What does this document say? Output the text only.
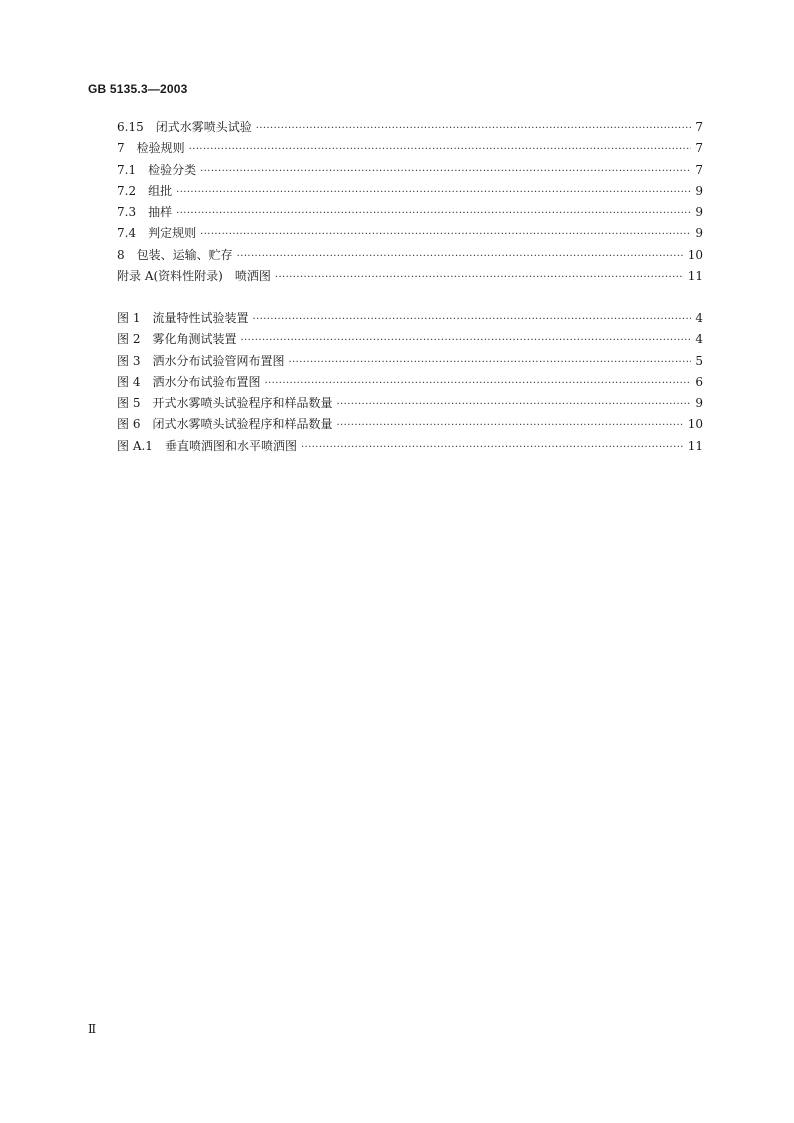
GB 5135.3—2003
6.15 闭式水雾喷头试验 ·····	7
7 检验规则 ·····	7
7.1 检验分类 ·····	7
7.2 组批 ·····	9
7.3 抽样 ·····	9
7.4 判定规则 ·····	9
8 包装、运输、贮存 ·····	10
附录 A(资料性附录) 喷洒图 ·····	11
图 1 流量特性试验装置 ·····	4
图 2 雾化角测试装置 ·····	4
图 3 洒水分布试验管网布置图 ·····	5
图 4 洒水分布试验布置图 ·····	6
图 5 开式水雾喷头试验程序和样品数量 ·····	9
图 6 闭式水雾喷头试验程序和样品数量 ·····	10
图 A.1 垂直喷洒图和水平喷洒图 ·····	11
Ⅱ
